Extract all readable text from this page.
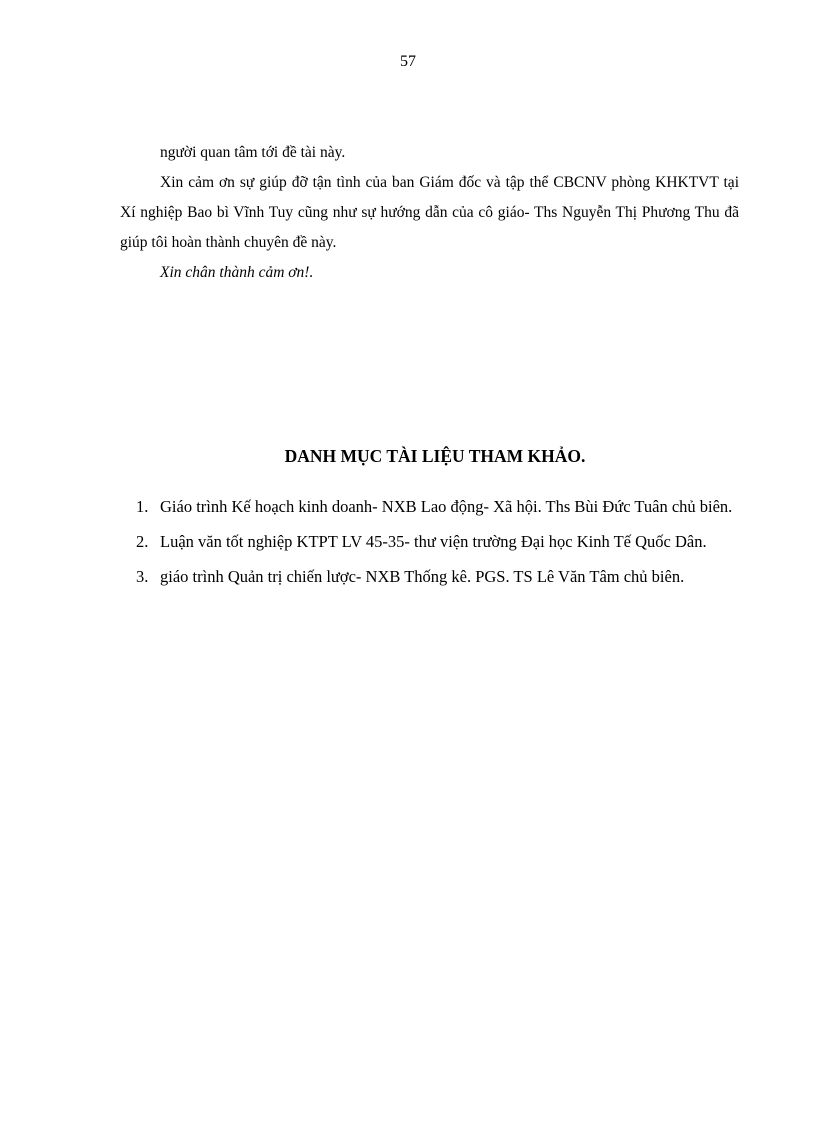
57

người quan tâm tới đề tài này.

Xin cảm ơn sự giúp đỡ tận tình của ban Giám đốc và tập thể CBCNV phòng KHKTVT tại Xí nghiệp Bao bì Vĩnh Tuy cũng như sự hướng dẫn của cô giáo- Ths Nguyễn Thị Phương Thu đã giúp tôi hoàn thành chuyên đề này.

Xin chân thành cảm ơn!.

DANH MỤC TÀI LIỆU THAM KHẢO.
1. Giáo trình Kế hoạch kinh doanh- NXB Lao động- Xã hội. Ths Bùi Đức Tuân chủ biên.
2. Luận văn tốt nghiệp KTPT LV 45-35- thư viện trường Đại học Kinh Tế Quốc Dân.
3. giáo trình Quản trị chiến lược- NXB Thống kê. PGS. TS Lê Văn Tâm chủ biên.
